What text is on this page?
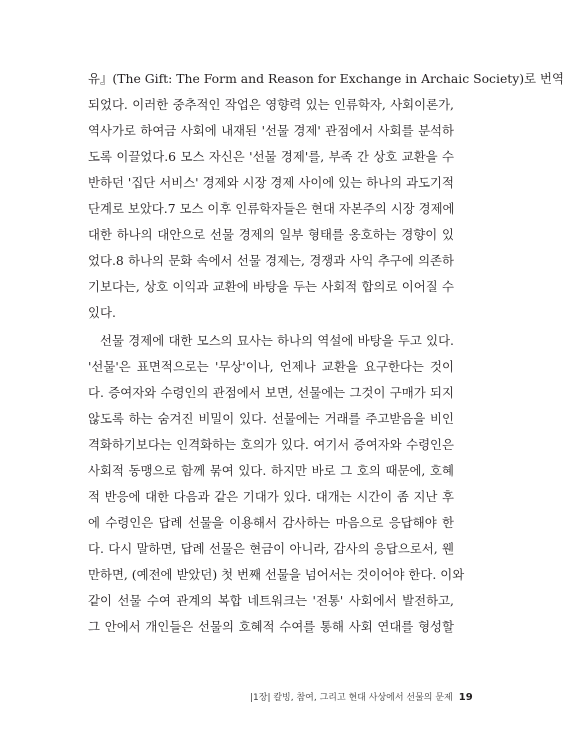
유』(The Gift: The Form and Reason for Exchange in Archaic Society)로 번역
되었다. 이러한 중추적인 작업은 영향력 있는 인류학자, 사회이론가,
역사가로 하여금 사회에 내재된 '선물 경제' 관점에서 사회를 분석하
도록 이끌었다.6 모스 자신은 '선물 경제'를, 부족 간 상호 교환을 수
반하던 '집단 서비스' 경제와 시장 경제 사이에 있는 하나의 과도기적
단계로 보았다.7 모스 이후 인류학자들은 현대 자본주의 시장 경제에
대한 하나의 대안으로 선물 경제의 일부 형태를 옹호하는 경향이 있
었다.8 하나의 문화 속에서 선물 경제는, 경쟁과 사익 추구에 의존하
기보다는, 상호 이익과 교환에 바탕을 두는 사회적 합의로 이어질 수
있다.
선물 경제에 대한 모스의 묘사는 하나의 역설에 바탕을 두고 있다.
'선물'은 표면적으로는 '무상'이나, 언제나 교환을 요구한다는 것이
다. 증여자와 수령인의 관점에서 보면, 선물에는 그것이 구매가 되지
않도록 하는 숨겨진 비밀이 있다. 선물에는 거래를 주고받음을 비인
격화하기보다는 인격화하는 호의가 있다. 여기서 증여자와 수령인은
사회적 동맹으로 함께 묶여 있다. 하지만 바로 그 호의 때문에, 호혜
적 반응에 대한 다음과 같은 기대가 있다. 대개는 시간이 좀 지난 후
에 수령인은 답례 선물을 이용해서 감사하는 마음으로 응답해야 한
다. 다시 말하면, 답례 선물은 현금이 아니라, 감사의 응답으로서, 웬
만하면, (예전에 받았던) 첫 번째 선물을 넘어서는 것이어야 한다. 이와
같이 선물 수여 관계의 복합 네트워크는 '전통' 사회에서 발전하고,
그 안에서 개인들은 선물의 호혜적 수여를 통해 사회 연대를 형성할
|1장| 칼빙, 참여, 그리고 현대 사상에서 선물의 문제 19
